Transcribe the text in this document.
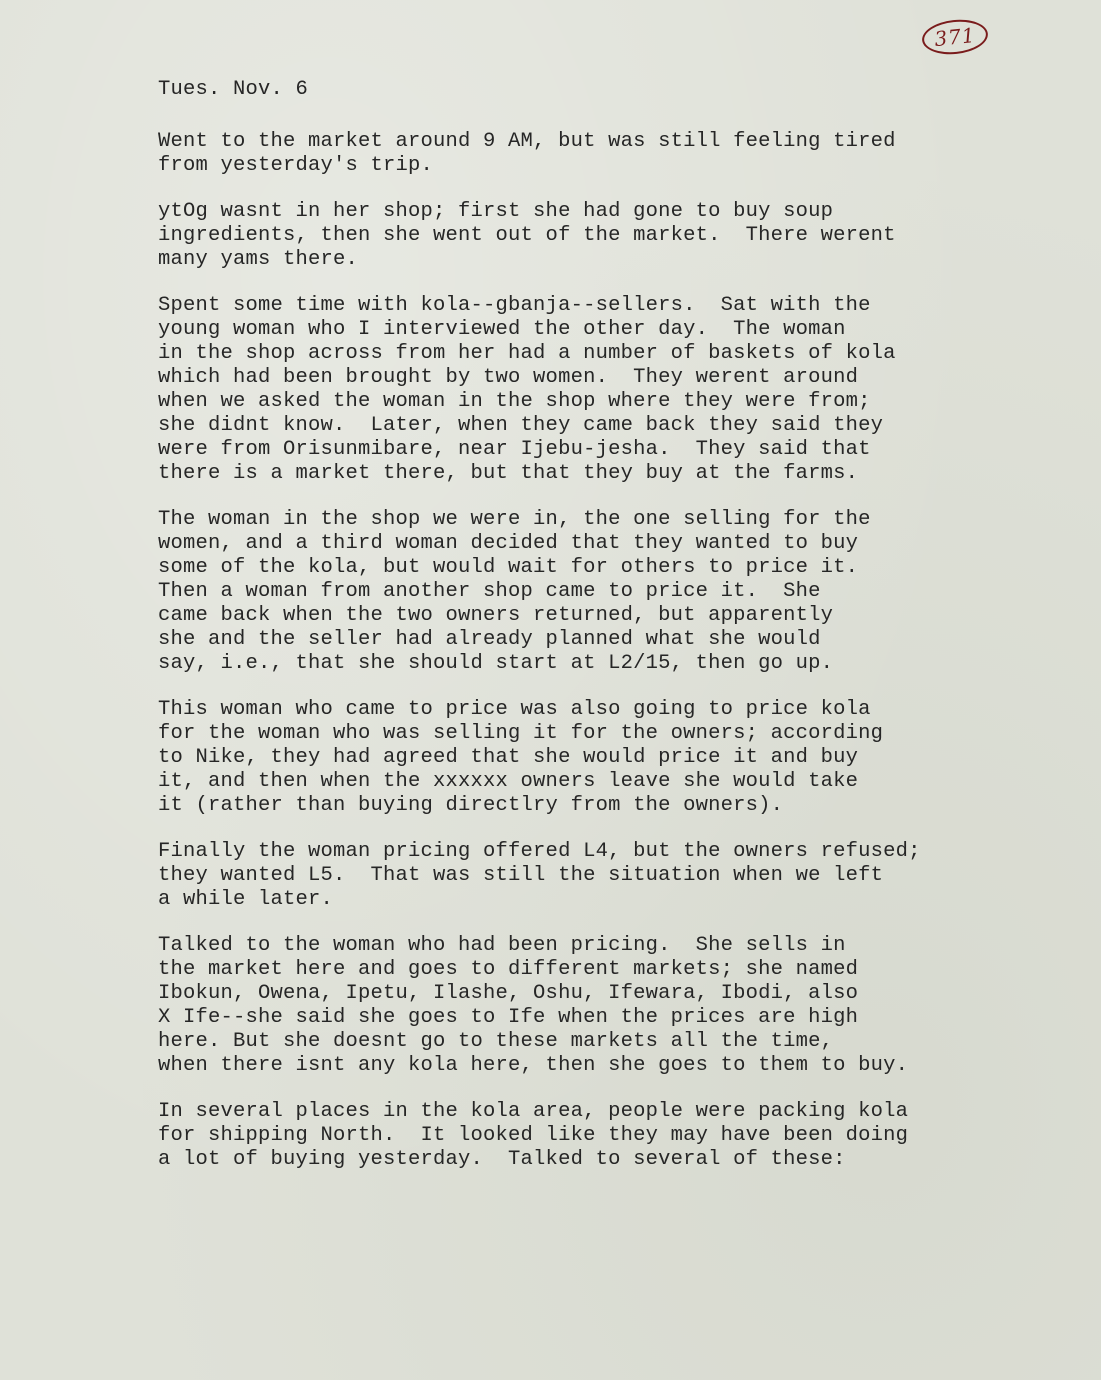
371
Tues. Nov. 6
Went to the market around 9 AM, but was still feeling tired
from yesterday's trip.
ytOg wasnt in her shop; first she had gone to buy soup
ingredients, then she went out of the market.  There werent
many yams there.
Spent some time with kola--gbanja--sellers.  Sat with the
young woman who I interviewed the other day.  The woman
in the shop across from her had a number of baskets of kola
which had been brought by two women.  They werent around
when we asked the woman in the shop where they were from;
she didnt know.  Later, when they came back they said they
were from Orisunmibare, near Ijebu-jesha.  They said that
there is a market there, but that they buy at the farms.
The woman in the shop we were in, the one selling for the
women, and a third woman decided that they wanted to buy
some of the kola, but would wait for others to price it.
Then a woman from another shop came to price it.  She
came back when the two owners returned, but apparently
she and the seller had already planned what she would
say, i.e., that she should start at L2/15, then go up.
This woman who came to price was also going to price kola
for the woman who was selling it for the owners; according
to Nike, they had agreed that she would price it and buy
it, and then when the xxxxxx owners leave she would take
it (rather than buying directlry from the owners).
Finally the woman pricing offered L4, but the owners refused;
they wanted L5.  That was still the situation when we left
a while later.
Talked to the woman who had been pricing.  She sells in
the market here and goes to different markets; she named
Ibokun, Owena, Ipetu, Ilashe, Oshu, Ifewara, Ibodi, also
X Ife--she said she goes to Ife when the prices are high
here. But she doesnt go to these markets all the time,
when there isnt any kola here, then she goes to them to buy.
In several places in the kola area, people were packing kola
for shipping North.  It looked like they may have been doing
a lot of buying yesterday.  Talked to several of these:
